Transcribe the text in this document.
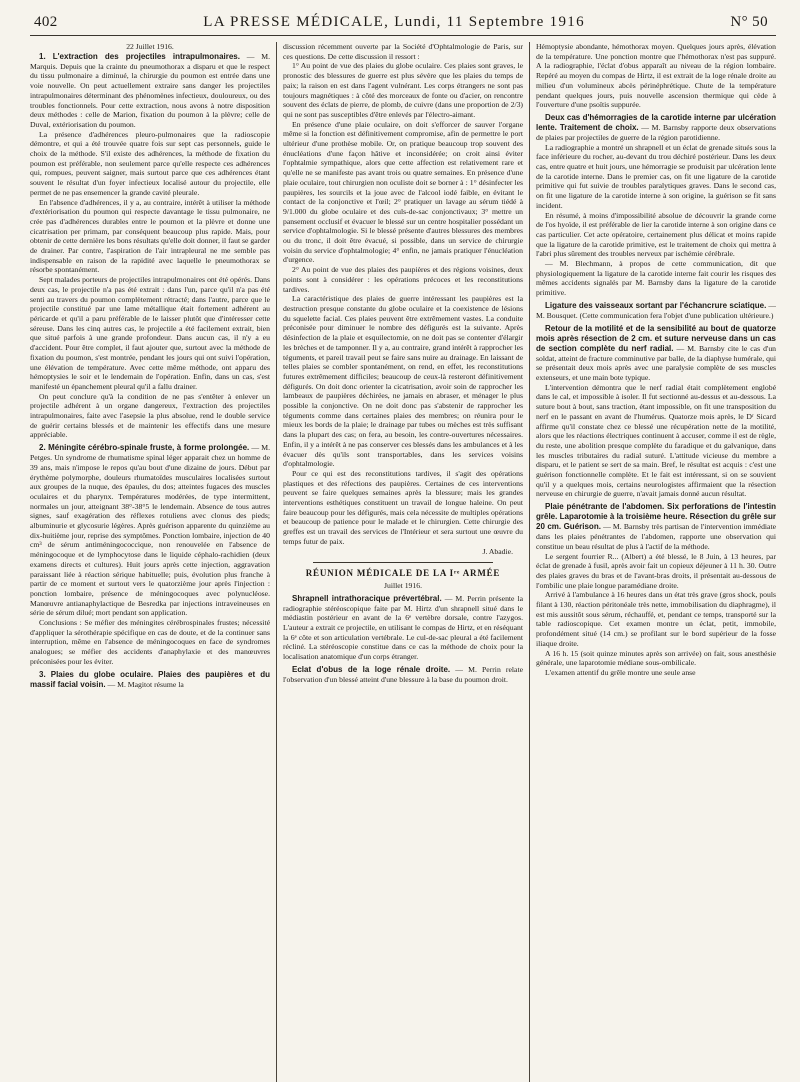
402	LA PRESSE MÉDICALE, Lundi, 11 Septembre 1916	N° 50

22 Juillet 1916.

1. L'extraction des projectiles intrapulmonaires. — M. Marquis. Depuis que la crainte du pneumothorax a disparu et que le respect du tissu pulmonaire a diminué, la chirurgie du poumon est entrée dans une voie nouvelle. On peut actuellement extraire sans danger les projectiles intrapulmonaires déterminant des phénomènes infectieux, douloureux, ou des troubles fonctionnels. Pour cette extraction, nous avons à notre disposition deux méthodes : celle de Marion, fixation du poumon à la plèvre; celle de Duval, extériorisation du poumon.

La présence d'adhérences pleuro-pulmonaires que la radioscopie démontre, et qui a été trouvée quatre fois sur sept cas personnels, guide le choix de la méthode. S'il existe des adhérences, la méthode de fixation du poumon est préférable, non seulement parce qu'elle respecte ces adhérences qui, rompues, peuvent saigner, mais surtout parce que ces adhérences étant souvent le résultat d'un foyer infectieux localisé autour du projectile, elle permet de ne pas ensemencer la grande cavité pleurale.

En l'absence d'adhérences, il y a, au contraire, intérêt à utiliser la méthode d'extériorisation du poumon qui respecte davantage le tissu pulmonaire, ne crée pas d'adhérences durables entre le poumon et la plèvre et donne une cicatrisation per primam, par conséquent beaucoup plus rapide. Mais, pour obtenir de cette dernière les bons résultats qu'elle doit donner, il faut se garder de drainer. Par contre, l'aspiration de l'air intrapleural ne me semble pas indispensable en raison de la rapidité avec laquelle le pneumothorax se résorbe spontanément.

Sept malades porteurs de projectiles intrapulmonaires ont été opérés. Dans deux cas, le projectile n'a pas été extrait : dans l'un, parce qu'il n'a pas été senti au travers du poumon complètement rétracté; dans l'autre, parce que le projectile constitué par une lame métallique était fortement adhérent au péricarde et qu'il a paru préférable de le laisser plutôt que d'intéresser cette séreuse. Dans les cinq autres cas, le projectile a été facilement extrait, bien que situé parfois à une grande profondeur. Dans aucun cas, il n'y a eu d'accident. Pour être complet, il faut ajouter que, surtout avec la méthode de fixation du poumon, s'est montrée, pendant les jours qui ont suivi l'opération, une élévation de température. Avec cette même méthode, ont apparu des hémoptysies le soir et le lendemain de l'opération. Enfin, dans un cas, s'est manifesté un épanchement pleural qu'il a fallu drainer.

On peut conclure qu'à la condition de ne pas s'entêter à enlever un projectile adhérent à un organe dangereux, l'extraction des projectiles intrapulmonaires, faite avec l'asepsie la plus absolue, rend le double service de guérir certains blessés et de maintenir les effectifs dans une mesure appréciable.

2. Méningite cérébro-spinale fruste, à forme prolongée. — M. Petges. Un syndrome de rhumatisme spinal léger apparait chez un homme de 39 ans, mais n'impose le repos qu'au bout d'une dizaine de jours. Début par érythème polymorphe, douleurs rhumatoïdes musculaires localisées surtout aux groupes de la nuque, des épaules, du dos; atteintes fugaces des muscles oculaires et du pharynx. Températures modérées, de type intermittent, normales un jour, atteignant 38°-38°5 le lendemain. Absence de tous autres signes, sauf exagération des réflexes rotuliens avec clonus des pieds; albuminurie et glycosurie légères. Après guérison apparente du quinzième au dix-huitième jour, reprise des symptômes. Ponction lombaire, injection de 40 cm³ de sérum antiméningococcique, non renouvelée en l'absence de méningocoque et de lymphocytose dans le liquide céphalo-rachidien (deux examens directs et cultures). Huit jours après cette injection, aggravation paraissant liée à réaction sérique habituelle; puis, évolution plus franche à partir de ce moment et surtout vers le quatorzième jour après l'injection : ponction lombaire, présence de méningocoques avec polynucléose. Manœuvre antianaphylactique de Besredka par injections intraveineuses en série de sérum dilué; mort pendant son application.

Conclusions : Se méfier des méningites cérébrospinales frustes; nécessité d'appliquer la sérothérapie spécifique en cas de doute, et de la continuer sans interruption, même en l'absence de méningocoques en face de syndromes analogues; se méfier des accidents d'anaphylaxie et des manœuvres préconisées pour les éviter.

3. Plaies du globe oculaire. Plaies des paupières et du massif facial voisin. — M. Magitot résume la

discussion récemment ouverte par la Société d'Ophtalmologie de Paris, sur ces questions. De cette discussion il ressort :

1° Au point de vue des plaies du globe oculaire. Ces plaies sont graves, le pronostic des blessures de guerre est plus sévère que les plaies du temps de paix; la raison en est dans l'agent vulnérant. Les corps étrangers ne sont pas toujours magnétiques : à côté des morceaux de fonte ou d'acier, on rencontre souvent des éclats de pierre, de plomb, de cuivre (dans une proportion de 2/3) qui ne sont pas susceptibles d'être enlevés par l'électro-aimant.

En présence d'une plaie oculaire, on doit s'efforcer de sauver l'organe même si la fonction est définitivement compromise, afin de permettre le port ultérieur d'une prothèse mobile. Or, on pratique beaucoup trop souvent des énucléations d'une façon hâtive et inconsidérée; on croit ainsi éviter l'ophtalmie sympathique, alors que cette affection est relativement rare et qu'elle ne se manifeste pas avant trois ou quatre semaines. En présence d'une plaie oculaire, tout chirurgien non oculiste doit se borner à : 1° désinfecter les paupières, les sourcils et la joue avec de l'alcool iodé faible, en évitant le contact de la conjonctive et l'œil; 2° pratiquer un lavage au sérum tiédé à 9/1.000 du globe oculaire et des culs-de-sac conjonctivaux; 3° mettre un pansement occlusif et évacuer le blessé sur un centre hospitalier possédant un service d'ophtalmologie. Si le blessé présente d'autres blessures des membres ou du tronc, il doit être évacué, si possible, dans un service de chirurgie voisin du service d'ophtalmologie; 4° enfin, ne jamais pratiquer l'énucléation d'urgence.

2° Au point de vue des plaies des paupières et des régions voisines, deux points sont à considérer : les opérations précoces et les reconstitutions tardives.

La caractéristique des plaies de guerre intéressant les paupières est la destruction presque constante du globe oculaire et la coexistence de lésions du squelette facial. Ces plaies peuvent être extrêmement vastes. La conduite préconisée pour diminuer le nombre des défigurés est la suivante. Après désinfection de la plaie et esquilectomie, on ne doit pas se contenter d'élargir les brèches et de tamponner. Il y a, au contraire, grand intérêt à rapprocher les téguments, et pareil travail peut se faire sans nuire au drainage. En laissant de telles plaies se combler spontanément, on rend, en effet, les reconstitutions futures extrêmement difficiles; beaucoup de ceux-là resteront définitivement défigurés. On doit donc orienter la cicatrisation, avoir soin de rapprocher les lambeaux de paupières déchirées, ne jamais en abraser, et ménager le plus possible la conjonctive. On ne doit donc pas s'abstenir de rapprocher les téguments comme dans certaines plaies des membres; on réunira pour le mieux les bords de la plaie; le drainage par tubes ou mèches est très suffisant dans la plupart des cas; on fera, au besoin, les contre-ouvertures nécessaires. Enfin, il y a intérêt à ne pas conserver ces blessés dans les ambulances et à les évacuer dès qu'ils sont transportables, dans les services voisins d'ophtalmologie.

Pour ce qui est des reconstitutions tardives, il s'agit des opérations plastiques et des réfections des paupières. Certaines de ces interventions peuvent se faire quelques semaines après la blessure; mais les grandes interventions esthétiques constituent un travail de longue haleine. On peut faire beaucoup pour les défigurés, mais cela nécessite de multiples opérations et beaucoup de patience pour le malade et le chirurgien. Cette chirurgie des greffes est un travail des services de l'Intérieur et sera surtout une œuvre du temps futur de paix.

J. Abadie.

RÉUNION MÉDICALE DE LA Iʳᵉ ARMÉE

Juillet 1916.

Shrapnell intrathoracique prévertébral. — M. Perrin présente la radiographie stéréoscopique faite par M. Hirtz d'un shrapnell situé dans le médiastin postérieur en avant de la 6ᵉ vertèbre dorsale, contre l'azygos. L'auteur a extrait ce projectile, en utilisant le compas de Hirtz, et en réséquant la 6ᵉ côte et son articulation vertébrale. Le cul-de-sac pleural a été facilement récliné. La stéréoscopie constitue dans ce cas la méthode de choix pour la localisation anatomique d'un corps étranger.

Eclat d'obus de la loge rénale droite. — M. Perrin relate l'observation d'un blessé atteint d'une blessure à la base du poumon droit.

Hémoptysie abondante, hémothorax moyen. Quelques jours après, élévation de la température. Une ponction montre que l'hémothorax n'est pas suppuré. A la radiographie, l'éclat d'obus apparaît au niveau de la région lombaire. Repéré au moyen du compas de Hirtz, il est extrait de la loge rénale droite au milieu d'un volumineux abcès périnéphrétique. Chute de la température pendant quelques jours, puis nouvelle ascension thermique qui cède à l'ouverture d'une psoïtis suppurée.

Deux cas d'hémorragies de la carotide interne par ulcération lente. Traitement de choix. — M. Barnsby rapporte deux observations de plaies par projectiles de guerre de la région parotidienne.

La radiographie a montré un shrapnell et un éclat de grenade situés sous la face inférieure du rocher, au-devant du trou déchiré postérieur. Dans les deux cas, entre quatre et huit jours, une hémorragie se produisit par ulcération lente de la carotide interne. Dans le premier cas, on fit une ligature de la carotide primitive qui fut suivie de troubles paralytiques graves. Dans le second cas, on fit une ligature de la carotide interne à son origine, la guérison se fit sans incident.

En résumé, à moins d'impossibilité absolue de découvrir la grande corne de l'os hyoïde, il est préférable de lier la carotide interne à son origine dans ce cas particulier. Cet acte opératoire, certainement plus délicat et moins rapide que la ligature de la carotide primitive, est le traitement de choix qui mettra à l'abri plus sûrement des troubles nerveux par ischémie cérébrale.

— M. Blechmann, à propos de cette communication, dit que physiologiquement la ligature de la carotide interne fait courir les risques des mêmes accidents signalés par M. Barnsby dans la ligature de la carotide primitive.

Ligature des vaisseaux sortant par l'échancrure sciatique. — M. Bousquet. (Cette communication fera l'objet d'une publication ultérieure.)

Retour de la motilité et de la sensibilité au bout de quatorze mois après résection de 2 cm. et suture nerveuse dans un cas de section complète du nerf radial. — M. Barnsby cite le cas d'un soldat, atteint de fracture comminutive par balle, de la diaphyse humérale, qui se présentait deux mois après avec une paralysie complète de ses muscles extenseurs, et une main bote typique.

L'intervention démontra que le nerf radial était complètement englobé dans le cal, et impossible à isoler. Il fut sectionné au-dessus et au-dessous. La suture bout à bout, sans traction, étant impossible, on fit une transposition du nerf en le passant en avant de l'humérus. Quatorze mois après, le Dʳ Sicard affirme qu'il constate chez ce blessé une récupération nette de la motilité, alors que les réactions électriques continuent à accuser, comme il est de règle, du reste, une abolition presque complète du faradique et du galvanique, dans les muscles tributaires du radial suturé. L'attitude vicieuse du membre a disparu, et le patient se sert de sa main. Bref, le résultat est acquis : c'est une guérison fonctionnelle complète. Et le fait est intéressant, si on se souvient qu'il y a quelques mois, certains neurologistes affirmaient que la résection nerveuse en chirurgie de guerre, n'avait jamais donné aucun résultat.

Plaie pénétrante de l'abdomen. Six perforations de l'intestin grêle. Laparotomie à la troisième heure. Résection du grêle sur 20 cm. Guérison. — M. Barnsby très partisan de l'intervention immédiate dans les plaies pénétrantes de l'abdomen, rapporte une observation qui constitue un beau résultat de plus à l'actif de la méthode.

Le sergent fourrier R... (Albert) a été blessé, le 8 Juin, à 13 heures, par éclat de grenade à fusil, après avoir fait un copieux déjeuner à 11 h. 30. Outre des plaies graves du bras et de l'avant-bras droits, il présentait au-dessous de l'ombilic une plaie longue paramédiane droite.

Arrivé à l'ambulance à 16 heures dans un état très grave (gros shock, pouls filant à 130, réaction péritonéale très nette, immobilisation du diaphragme), il est mis aussitôt sous sérum, réchauffé, et, pendant ce temps, transporté sur la table radioscopique. Cet examen montre un éclat, petit, immobile, profondément situé (14 cm.) se profilant sur le bord supérieur de la fosse iliaque droite.

A 16 h. 15 (soit quinze minutes après son arrivée) on fait, sous anesthésie générale, une laparotomie médiane sous-ombilicale.

L'examen attentif du grêle montre une seule anse
